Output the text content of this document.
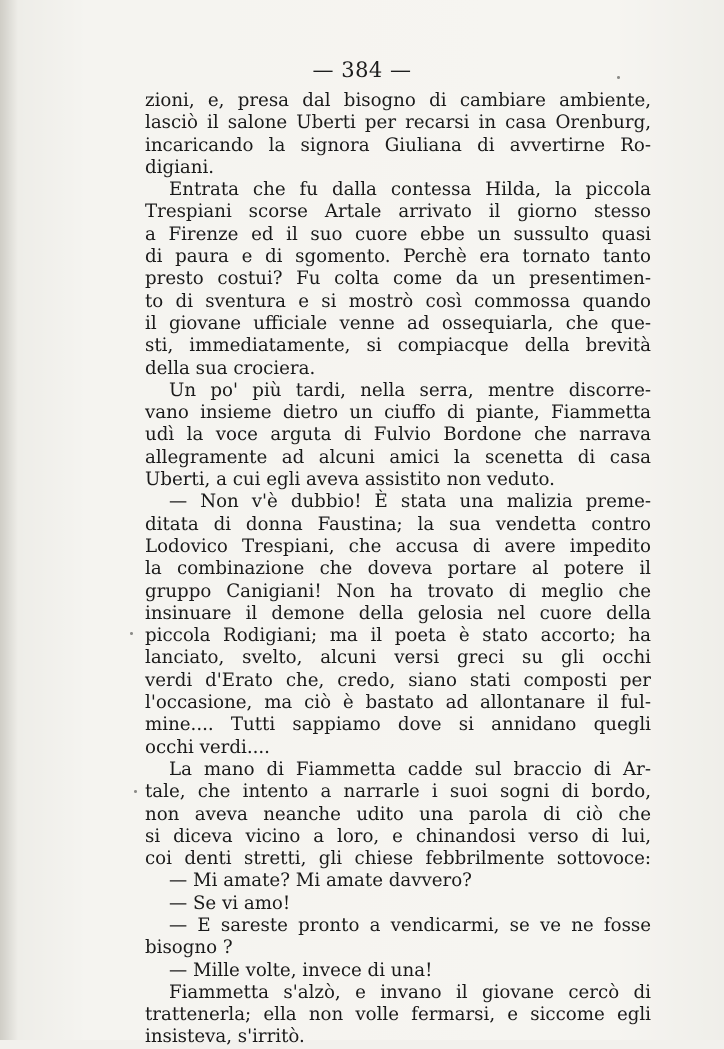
— 384 —
zioni, e, presa dal bisogno di cambiare ambiente,
lasciò il salone Uberti per recarsi in casa Orenburg,
incaricando la signora Giuliana di avvertirne Ro-
digiani.
Entrata che fu dalla contessa Hilda, la piccola
Trespiani scorse Artale arrivato il giorno stesso
a Firenze ed il suo cuore ebbe un sussulto quasi
di paura e di sgomento. Perchè era tornato tanto
presto costui? Fu colta come da un presentimen-
to di sventura e si mostrò così commossa quando
il giovane ufficiale venne ad ossequiarla, che que-
sti, immediatamente, si compiacque della brevità
della sua crociera.
Un po' più tardi, nella serra, mentre discorre-
vano insieme dietro un ciuffo di piante, Fiammetta
udì la voce arguta di Fulvio Bordone che narrava
allegramente ad alcuni amici la scenetta di casa
Uberti, a cui egli aveva assistito non veduto.
— Non v'è dubbio! È stata una malizia preme-
ditata di donna Faustina; la sua vendetta contro
Lodovico Trespiani, che accusa di avere impedito
la combinazione che doveva portare al potere il
gruppo Canigiani! Non ha trovato di meglio che
insinuare il demone della gelosia nel cuore della
piccola Rodigiani; ma il poeta è stato accorto; ha
lanciato, svelto, alcuni versi greci su gli occhi
verdi d'Erato che, credo, siano stati composti per
l'occasione, ma ciò è bastato ad allontanare il ful-
mine.... Tutti sappiamo dove si annidano quegli
occhi verdi....
La mano di Fiammetta cadde sul braccio di Ar-
tale, che intento a narrarle i suoi sogni di bordo,
non aveva neanche udito una parola di ciò che
si diceva vicino a loro, e chinandosi verso di lui,
coi denti stretti, gli chiese febbrilmente sottovoce:
— Mi amate? Mi amate davvero?
— Se vi amo!
— E sareste pronto a vendicarmi, se ve ne fosse
bisogno ?
— Mille volte, invece di una!
Fiammetta s'alzò, e invano il giovane cercò di
trattenerla; ella non volle fermarsi, e siccome egli
insisteva, s'irritò.
